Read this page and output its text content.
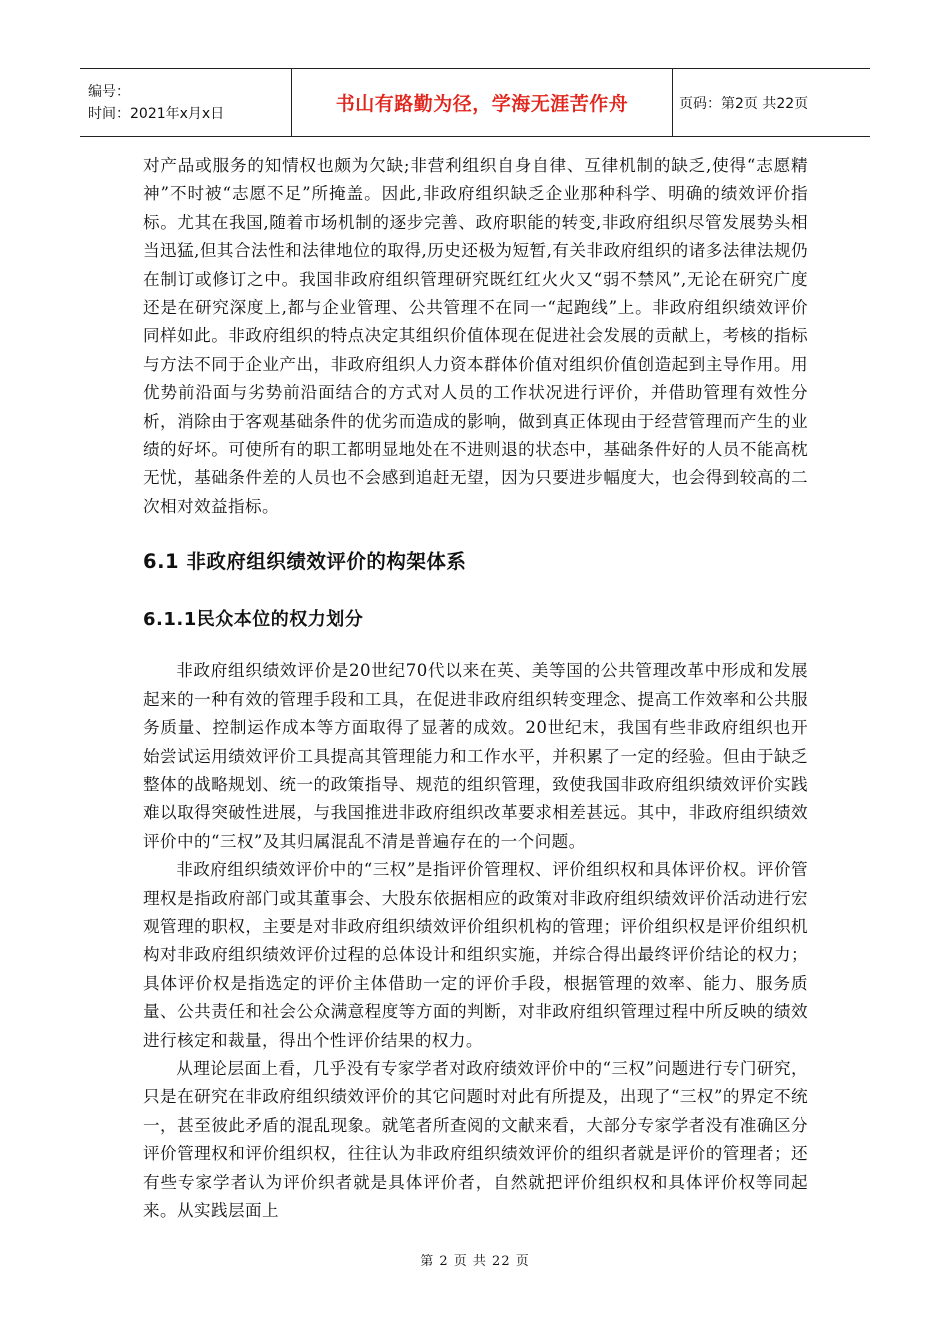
编号：
时间：2021年x月x日	书山有路勤为径，学海无涯苦作舟	页码：第2页 共22页

对产品或服务的知情权也颇为欠缺;非营利组织自身自律、互律机制的缺乏,使得“志愿精神”不时被“志愿不足”所掩盖。因此,非政府组织缺乏企业那种科学、明确的绩效评价指标。尤其在我国,随着市场机制的逐步完善、政府职能的转变,非政府组织尽管发展势头相当迅猛,但其合法性和法律地位的取得,历史还极为短暂,有关非政府组织的诸多法律法规仍在制订或修订之中。我国非政府组织管理研究既红红火火又“弱不禁风”,无论在研究广度还是在研究深度上,都与企业管理、公共管理不在同一“起跑线”上。非政府组织绩效评价同样如此。非政府组织的特点决定其组织价值体现在促进社会发展的贡献上，考核的指标与方法不同于企业产出，非政府组织人力资本群体价值对组织价值创造起到主导作用。用优势前沿面与劣势前沿面结合的方式对人员的工作状况进行评价，并借助管理有效性分析，消除由于客观基础条件的优劣而造成的影响，做到真正体现由于经营管理而产生的业绩的好坏。可使所有的职工都明显地处在不进则退的状态中，基础条件好的人员不能高枕无忧，基础条件差的人员也不会感到追赶无望，因为只要进步幅度大，也会得到较高的二次相对效益指标。

6.1 非政府组织绩效评价的构架体系
6.1.1民众本位的权力划分

非政府组织绩效评价是20世纪70代以来在英、美等国的公共管理改革中形成和发展起来的一种有效的管理手段和工具，在促进非政府组织转变理念、提高工作效率和公共服务质量、控制运作成本等方面取得了显著的成效。20世纪末，我国有些非政府组织也开始尝试运用绩效评价工具提高其管理能力和工作水平，并积累了一定的经验。但由于缺乏整体的战略规划、统一的政策指导、规范的组织管理，致使我国非政府组织绩效评价实践难以取得突破性进展，与我国推进非政府组织改革要求相差甚远。其中，非政府组织绩效评价中的“三权”及其归属混乱不清是普遍存在的一个问题。

非政府组织绩效评价中的“三权”是指评价管理权、评价组织权和具体评价权。评价管理权是指政府部门或其董事会、大股东依据相应的政策对非政府组织绩效评价活动进行宏观管理的职权，主要是对非政府组织绩效评价组织机构的管理；评价组织权是评价组织机构对非政府组织绩效评价过程的总体设计和组织实施，并综合得出最终评价结论的权力；具体评价权是指选定的评价主体借助一定的评价手段，根据管理的效率、能力、服务质量、公共责任和社会公众满意程度等方面的判断，对非政府组织管理过程中所反映的绩效进行核定和裁量，得出个性评价结果的权力。

从理论层面上看，几乎没有专家学者对政府绩效评价中的“三权”问题进行专门研究，只是在研究在非政府组织绩效评价的其它问题时对此有所提及，出现了“三权”的界定不统一，甚至彼此矛盾的混乱现象。就笔者所查阅的文献来看，大部分专家学者没有准确区分评价管理权和评价组织权，往往认为非政府组织绩效评价的组织者就是评价的管理者；还有些专家学者认为评价织者就是具体评价者，自然就把评价组织权和具体评价权等同起来。从实践层面上

第 2 页 共 22 页
